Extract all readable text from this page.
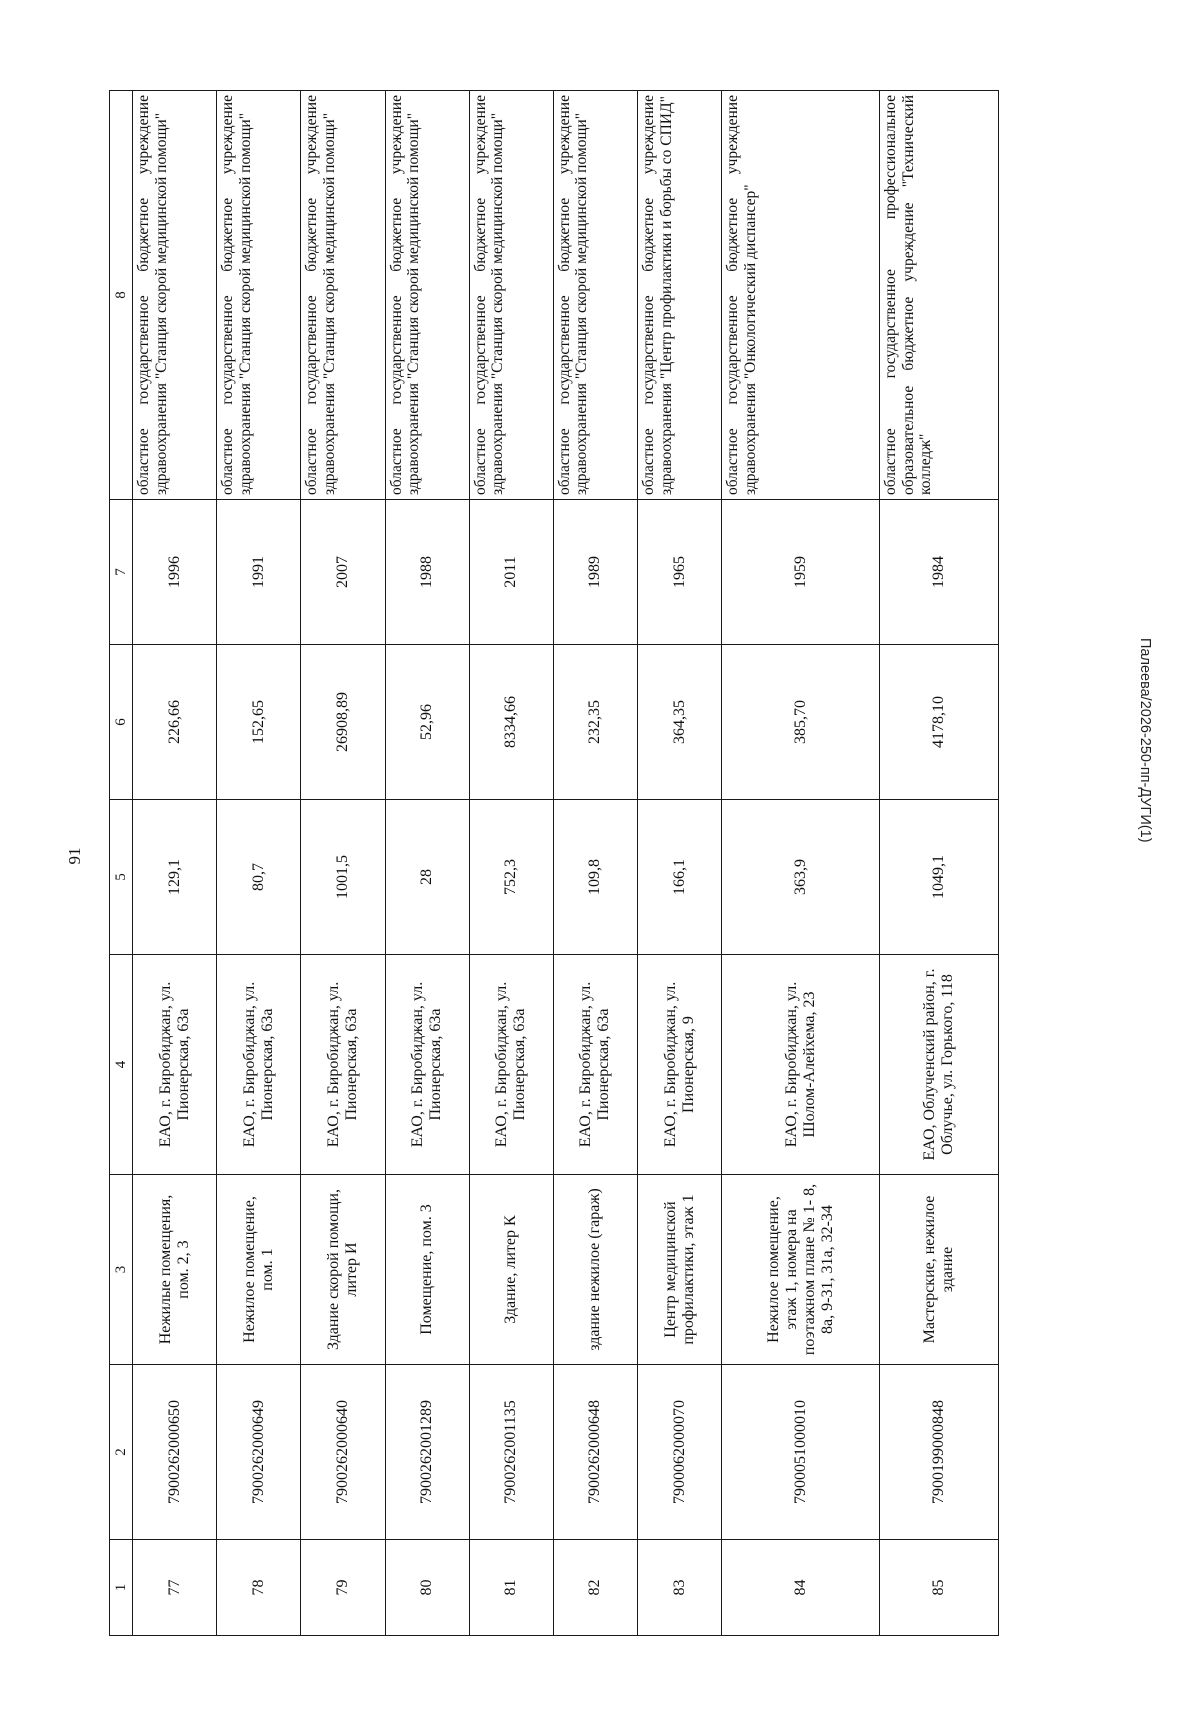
91
1	2	3	4	5	6	7	8
77	7900262000650	Нежилые помещения, пом. 2, 3	ЕАО, г. Биробиджан, ул. Пионерская, 63а	129,1	226,66	1996	областное государственное бюджетное учреждение здравоохранения "Станция скорой медицинской помощи"
78	7900262000649	Нежилое помещение, пом. 1	ЕАО, г. Биробиджан, ул. Пионерская, 63а	80,7	152,65	1991	областное государственное бюджетное учреждение здравоохранения "Станция скорой медицинской помощи"
79	7900262000640	Здание скорой помощи, литер И	ЕАО, г. Биробиджан, ул. Пионерская, 63а	1001,5	26908,89	2007	областное государственное бюджетное учреждение здравоохранения "Станция скорой медицинской помощи"
80	7900262001289	Помещение, пом. 3	ЕАО, г. Биробиджан, ул. Пионерская, 63а	28	52,96	1988	областное государственное бюджетное учреждение здравоохранения "Станция скорой медицинской помощи"
81	7900262001135	Здание, литер К	ЕАО, г. Биробиджан, ул. Пионерская, 63а	752,3	8334,66	2011	областное государственное бюджетное учреждение здравоохранения "Станция скорой медицинской помощи"
82	7900262000648	здание нежилое (гараж)	ЕАО, г. Биробиджан, ул. Пионерская, 63а	109,8	232,35	1989	областное государственное бюджетное учреждение здравоохранения "Станция скорой медицинской помощи"
83	7900062000070	Центр медицинской профилактики, этаж 1	ЕАО, г. Биробиджан, ул. Пионерская, 9	166,1	364,35	1965	областное государственное бюджетное учреждение здравоохранения "Центр профилактики и борьбы со СПИД"
84	7900051000010	Нежилое помещение, этаж 1, номера на поэтажном плане № 1- 8, 8а, 9-31, 31а, 32-34	ЕАО, г. Биробиджан, ул. Шолом-Алейхема, 23	363,9	385,70	1959	областное государственное бюджетное учреждение здравоохранения "Онкологический диспансер"
85	7900199000848	Мастерские, нежилое здание	ЕАО, Облученский район, г. Облучье, ул. Горького, 118	1049,1	4178,10	1984	областное государственное профессиональное образовательное бюджетное учреждение "Технический колледж"
Палеева/2026-250-пп-ДУГИ(1)
